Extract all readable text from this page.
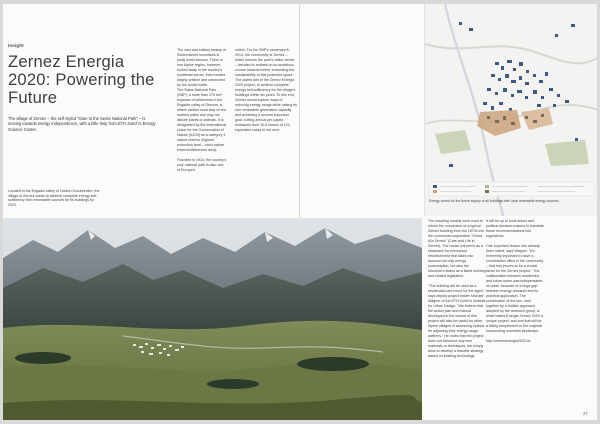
Insight
Zernez Energia 2020: Powering the Future
The village of Zernez – the self-styled "Gate to the Swiss National Park" – is moving towards energy independence, with a little help from ETH Zurich's Energy Science Center.
Located in the Engadin valley of Canton Graubünden, the village of Zernez wants to achieve complete energy self-sufficiency from renewable sources for its buildings by 2020.
The vast and solitary beauty of Switzerland's mountains is justly world-famous. There is one Alpine region, however, tucked away in the country's southeast corner, that remains largely pristine and untouched by the tourist trade.
The Swiss National Park (SNP), a more than 170 km² expanse of wilderness in the Engadin valley of Grisons, is where visitors must stay on the marked paths and may not disturb plants or animals. It is designated by the International Union for the Conservation of Nature (IUCN) as a category 1 nature reserve (highest protection level – strict nature reserve/wilderness area).

Founded in 1914, the country's only national park is also one of Europe's
oldest. For the SNP's centenary in 2014, the community of Zernez – which houses the park's visitor center – decided to embark on an ambitious course towards further enhancing the sustainability of this protected space. The stated aim of the Zernez Energia 2020 project, to achieve complete energy self-sufficiency for the village's buildings within six years. To this end, Zernez would explore ways of reducing energy usage while raising its own renewable generation capacity and achieving a second important goal: cutting annual per-capita emissions from 10.8 tonnes of CO₂ equivalent today to net zero.
The resulting models were used to inform the conversion of a typical Zernez building from the 1870s into the communal cooperative "Chùra d'la Zernez" (Care and Life in Zernez). The house will serve as a showcase for exemplary refurbishment that takes into account not only energy consumption, but also the structure's status as a listed building and related legislation.

"The building will be used as a residential care home for the aged," says deputy project leader Michael Wagner of the ETH Zurich's Institute for Urban Design. "We believe that the action plan and manual developed in the course of this project will also be useful for other Alpine villages in assessing options for adjusting their energy usage patterns." He notes that the project does not introduce any new materials or techniques, but simply aims to develop a feasible strategy based on existing technology.
It will be up to local actors and political decision-makers to translate those recommendations into regulations.

One important lesson has already been noted, says Wagner: "It's extremely important to have a coordination office in the community – that has proven to be a crucial factor for the Zernez project." The collaboration between academics and future users was indispensable, he adds, because of a huge gap between energy research and its practical application. The combination of the two, held together by a holistic approach adopted by the research group, is what makes Energia Zernez 2020 a unique project, and one that will be a fitting complement to the majestic surrounding mountain landscape.

http://zernezenergia2020.ch
Energy zones for the future supply of all buildings with local renewable energy sources
27
